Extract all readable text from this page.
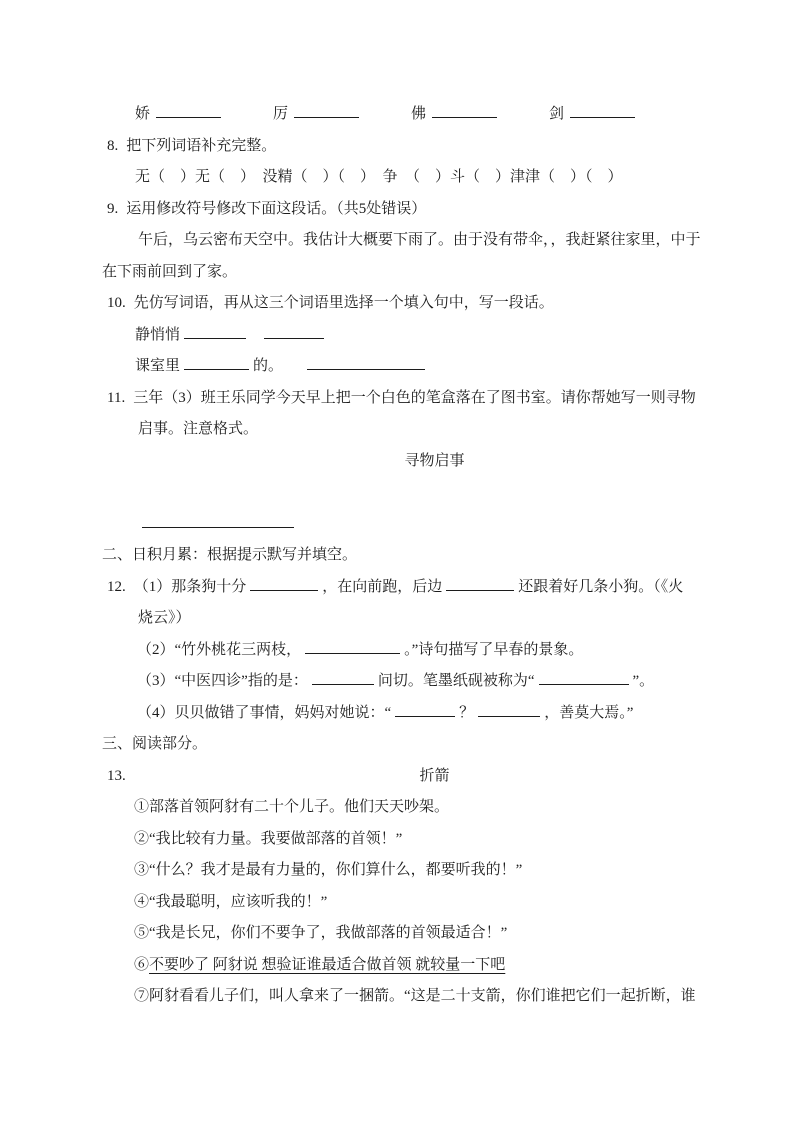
娇	厉	佛	剑
8. 把下列词语补充完整。
无（　）无（　）　没精（　）（　）　争　（　）斗（　）津津（　）（　）
9. 运用修改符号修改下面这段话。（共5处错误）
午后，乌云密布天空中。我估计大概要下雨了。由于没有带伞，，我赶紧往家里，中于
在下雨前回到了家。
10. 先仿写词语，再从这三个词语里选择一个填入句中，写一段话。
静悄悄
课室里	的。
11. 三年（3）班王乐同学今天早上把一个白色的笔盒落在了图书室。请你帮她写一则寻物
启事。注意格式。
寻物启事
二、日积月累：根据提示默写并填空。
12. （1）那条狗十分	，在向前跑，后边	还跟着好几条小狗。（《火
烧云》）
（2）“竹外桃花三两枝，	。”诗句描写了早春的景象。
（3）“中医四诊”指的是：	问切。笔墨纸砚被称为“	”。
（4）贝贝做错了事情，妈妈对她说：“	？	，善莫大焉。”
三、阅读部分。
13.	折箭
①部落首领阿豺有二十个儿子。他们天天吵架。
②“我比较有力量。我要做部落的首领！”
③“什么？我才是最有力量的，你们算什么，都要听我的！”
④“我最聪明，应该听我的！”
⑤“我是长兄，你们不要争了，我做部落的首领最适合！”
⑥不要吵了 阿豺说 想验证谁最适合做首领 就较量一下吧
⑦阿豺看看儿子们，叫人拿来了一捆箭。“这是二十支箭，你们谁把它们一起折断，谁
